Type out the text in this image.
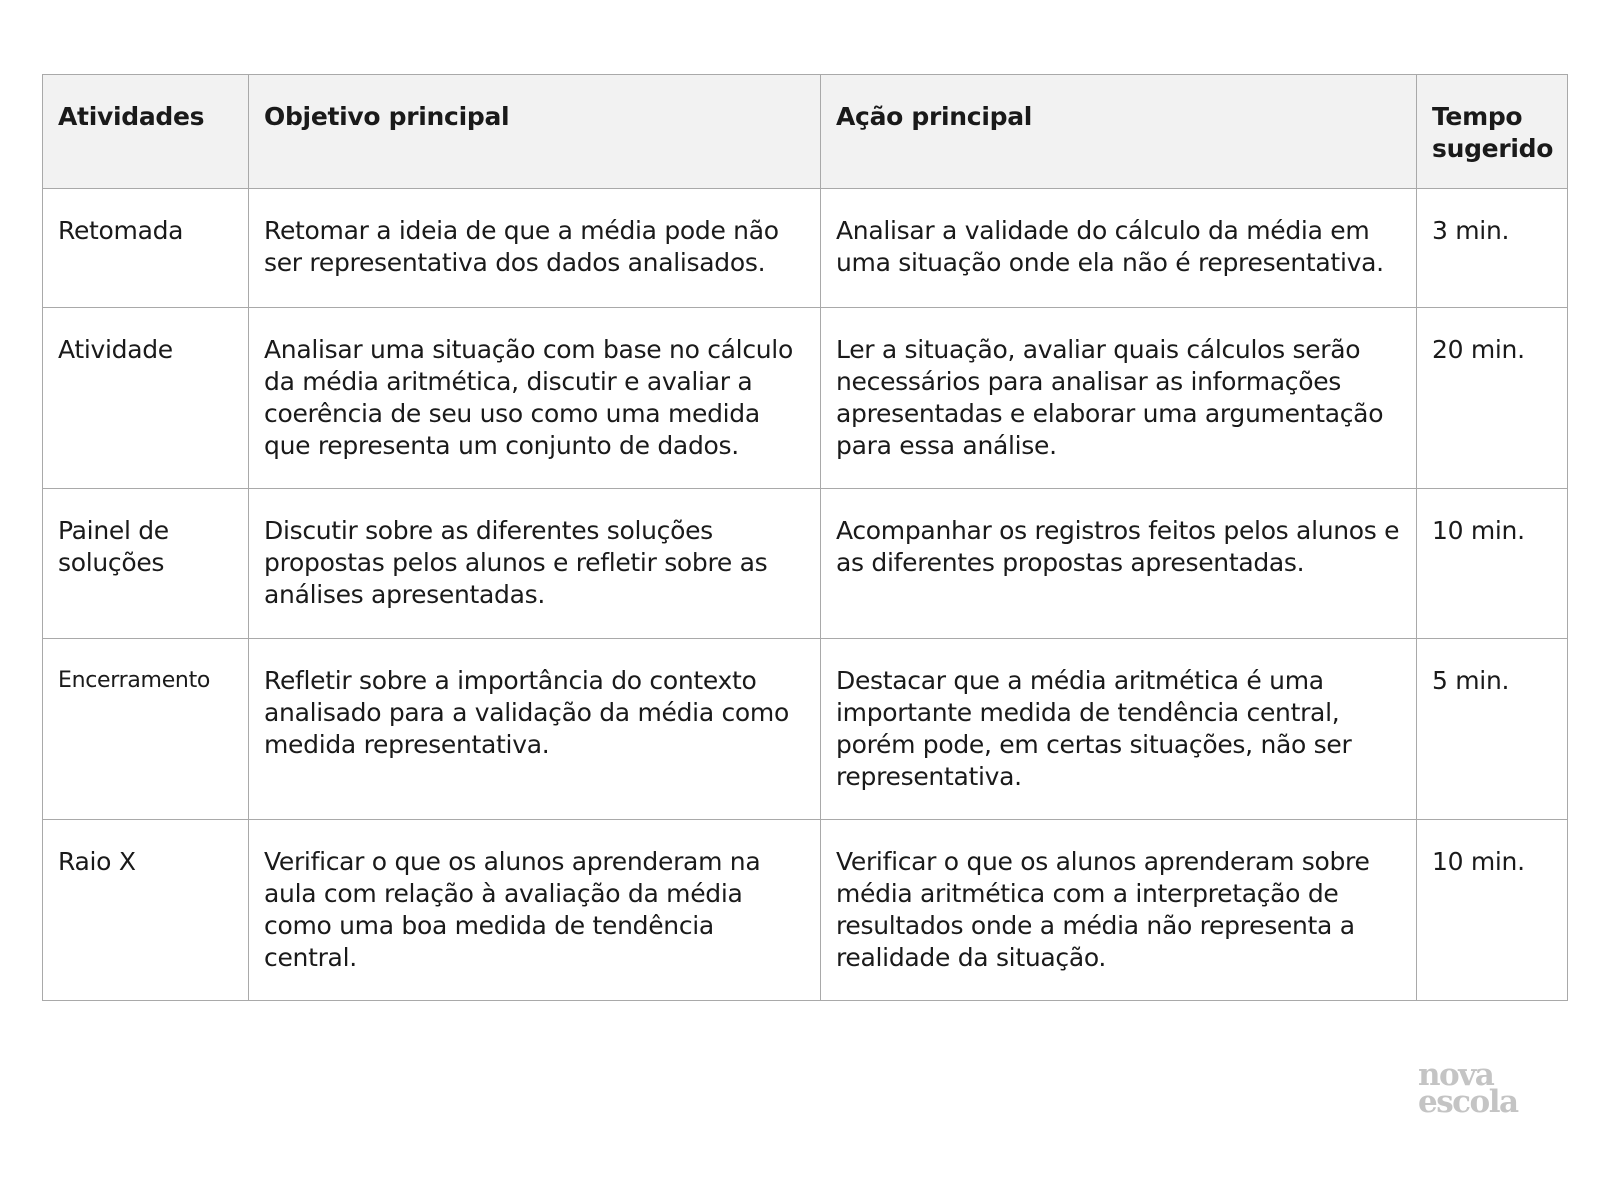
Atividades	Objetivo principal	Ação principal	Tempo sugerido
Retomada	Retomar a ideia de que a média pode não ser representativa dos dados analisados.	Analisar a validade do cálculo da média em uma situação onde ela não é representativa.	3 min.
Atividade	Analisar uma situação com base no cálculo da média aritmética, discutir e avaliar a coerência de seu uso como uma medida que representa um conjunto de dados.	Ler a situação, avaliar quais cálculos serão necessários para analisar as informações apresentadas e elaborar uma argumentação para essa análise.	20 min.
Painel de soluções	Discutir sobre as diferentes soluções propostas pelos alunos e refletir sobre as análises apresentadas.	Acompanhar os registros feitos pelos alunos e as diferentes propostas apresentadas.	10 min.
Encerramento	Refletir sobre a importância do contexto analisado para a validação da média como medida representativa.	Destacar que a média aritmética é uma importante medida de tendência central, porém pode, em certas situações, não ser representativa.	5 min.
Raio X	Verificar o que os alunos aprenderam na aula com relação à avaliação da média como uma boa medida de tendência central.	Verificar o que os alunos aprenderam sobre média aritmética com a interpretação de resultados onde a média não representa a realidade da situação.	10 min.
nova
escola
